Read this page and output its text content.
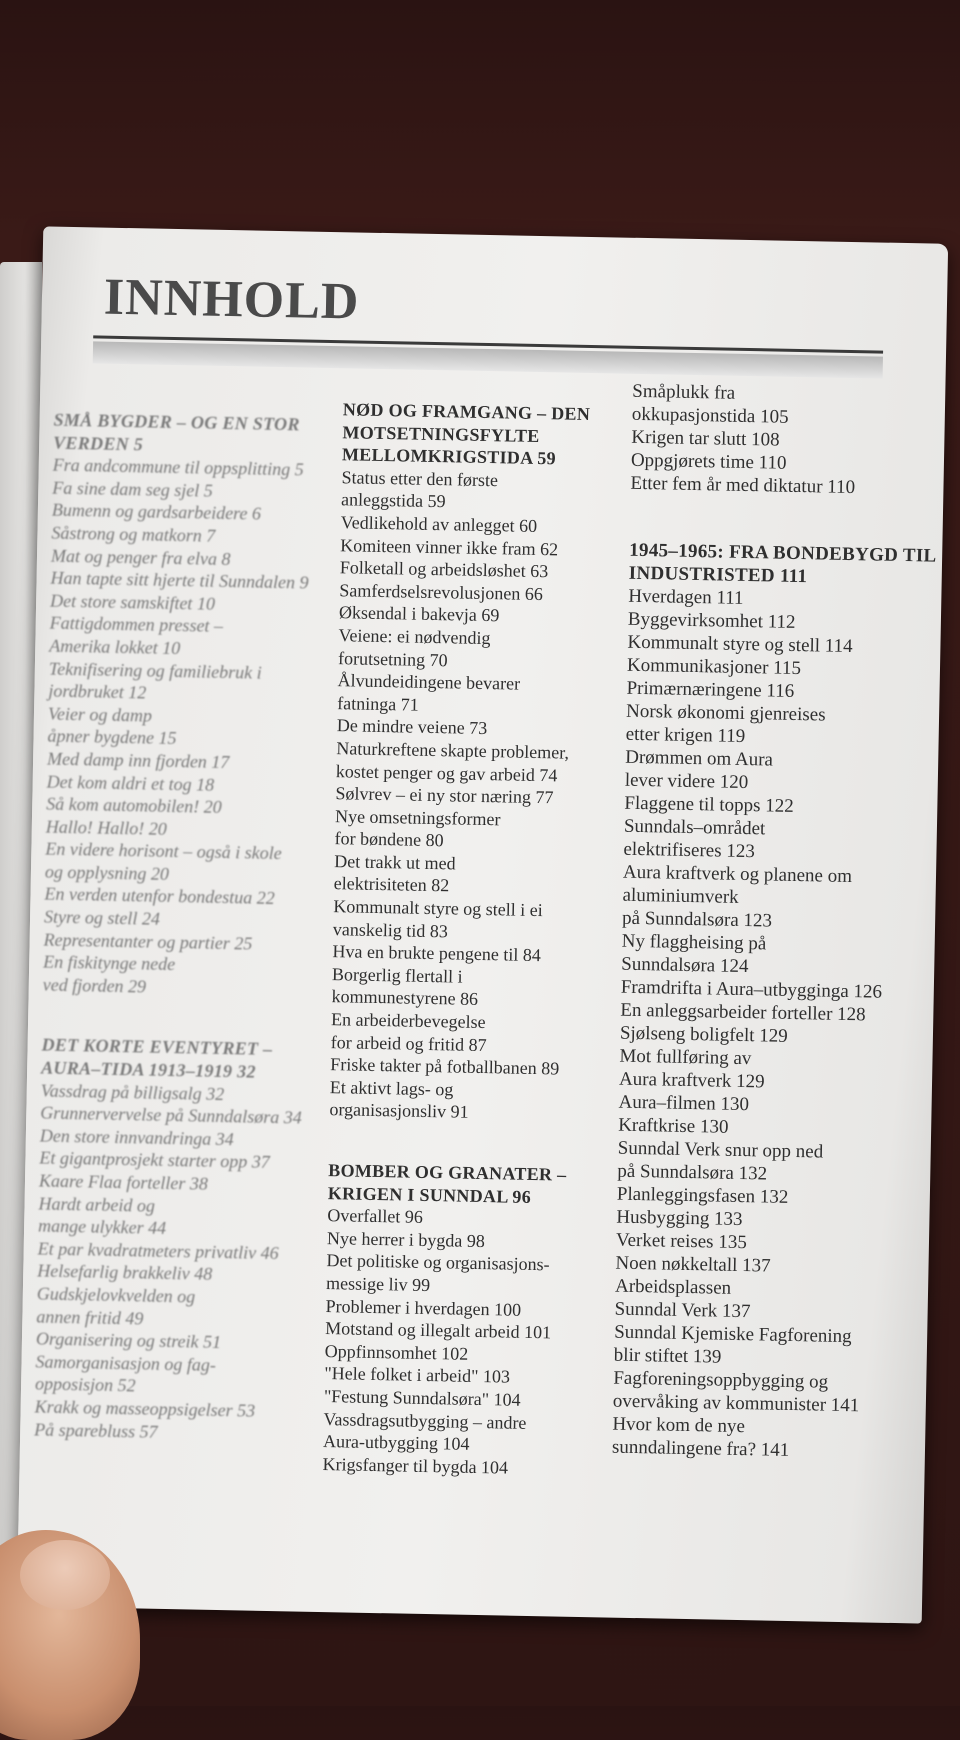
INNHOLD
SMÅ BYGDER – OG EN STOR
VERDEN 5
Fra andcommune til oppsplitting 5
Fa sine dam seg sjel 5
Bumenn og gardsarbeidere 6
Såstrong og matkorn 7
Mat og penger fra elva 8
Han tapte sitt hjerte til Sunndalen 9
Det store samskiftet 10
Fattigdommen presset –
Amerika lokket 10
Teknifisering og familiebruk i
jordbruket 12
Veier og damp
åpner bygdene 15
Med damp inn fjorden 17
Det kom aldri et tog 18
Så kom automobilen! 20
Hallo! Hallo! 20
En videre horisont – også i skole
og opplysning 20
En verden utenfor bondestua 22
Styre og stell 24
Representanter og partier 25
En fiskitynge nede
ved fjorden 29
DET KORTE EVENTYRET –
AURA–TIDA 1913–1919 32
Vassdrag på billigsalg 32
Grunnervervelse på Sunndalsøra 34
Den store innvandringa 34
Et gigantprosjekt starter opp 37
Kaare Flaa forteller 38
Hardt arbeid og
mange ulykker 44
Et par kvadratmeters privatliv 46
Helsefarlig brakkeliv 48
Gudskjelovkvelden og
annen fritid 49
Organisering og streik 51
Samorganisasjon og fag-
opposisjon 52
Krakk og masseoppsigelser 53
På sparebluss 57
NØD OG FRAMGANG – DEN
MOTSETNINGSFYLTE
MELLOMKRIGSTIDA 59
Status etter den første
anleggstida 59
Vedlikehold av anlegget 60
Komiteen vinner ikke fram 62
Folketall og arbeidsløshet 63
Samferdselsrevolusjonen 66
Øksendal i bakevja 69
Veiene: ei nødvendig
forutsetning 70
Ålvundeidingene bevarer
fatninga 71
De mindre veiene 73
Naturkreftene skapte problemer,
kostet penger og gav arbeid 74
Sølvrev – ei ny stor næring 77
Nye omsetningsformer
for bøndene 80
Det trakk ut med
elektrisiteten 82
Kommunalt styre og stell i ei
vanskelig tid 83
Hva en brukte pengene til 84
Borgerlig flertall i
kommunestyrene 86
En arbeiderbevegelse
for arbeid og fritid 87
Friske takter på fotballbanen 89
Et aktivt lags- og
organisasjonsliv 91
BOMBER OG GRANATER –
KRIGEN I SUNNDAL 96
Overfallet 96
Nye herrer i bygda 98
Det politiske og organisasjons-
messige liv 99
Problemer i hverdagen 100
Motstand og illegalt arbeid 101
Oppfinnsomhet 102
"Hele folket i arbeid" 103
"Festung Sunndalsøra" 104
Vassdragsutbygging – andre
Aura-utbygging 104
Krigsfanger til bygda 104
Småplukk fra
okkupasjonstida 105
Krigen tar slutt 108
Oppgjørets time 110
Etter fem år med diktatur 110
1945–1965: FRA BONDEBYGD TIL
INDUSTRISTED 111
Hverdagen 111
Byggevirksomhet 112
Kommunalt styre og stell 114
Kommunikasjoner 115
Primærnæringene 116
Norsk økonomi gjenreises
etter krigen 119
Drømmen om Aura
lever videre 120
Flaggene til topps 122
Sunndals–området
elektrifiseres 123
Aura kraftverk og planene om
aluminiumverk
på Sunndalsøra 123
Ny flaggheising på
Sunndalsøra 124
Framdrifta i Aura–utbygginga 126
En anleggsarbeider forteller 128
Sjølseng boligfelt 129
Mot fullføring av
Aura kraftverk 129
Aura–filmen 130
Kraftkrise 130
Sunndal Verk snur opp ned
på Sunndalsøra 132
Planleggingsfasen 132
Husbygging 133
Verket reises 135
Noen nøkkeltall 137
Arbeidsplassen
Sunndal Verk 137
Sunndal Kjemiske Fagforening
blir stiftet 139
Fagforeningsoppbygging og
overvåking av kommunister 141
Hvor kom de nye
sunndalingene fra? 141
